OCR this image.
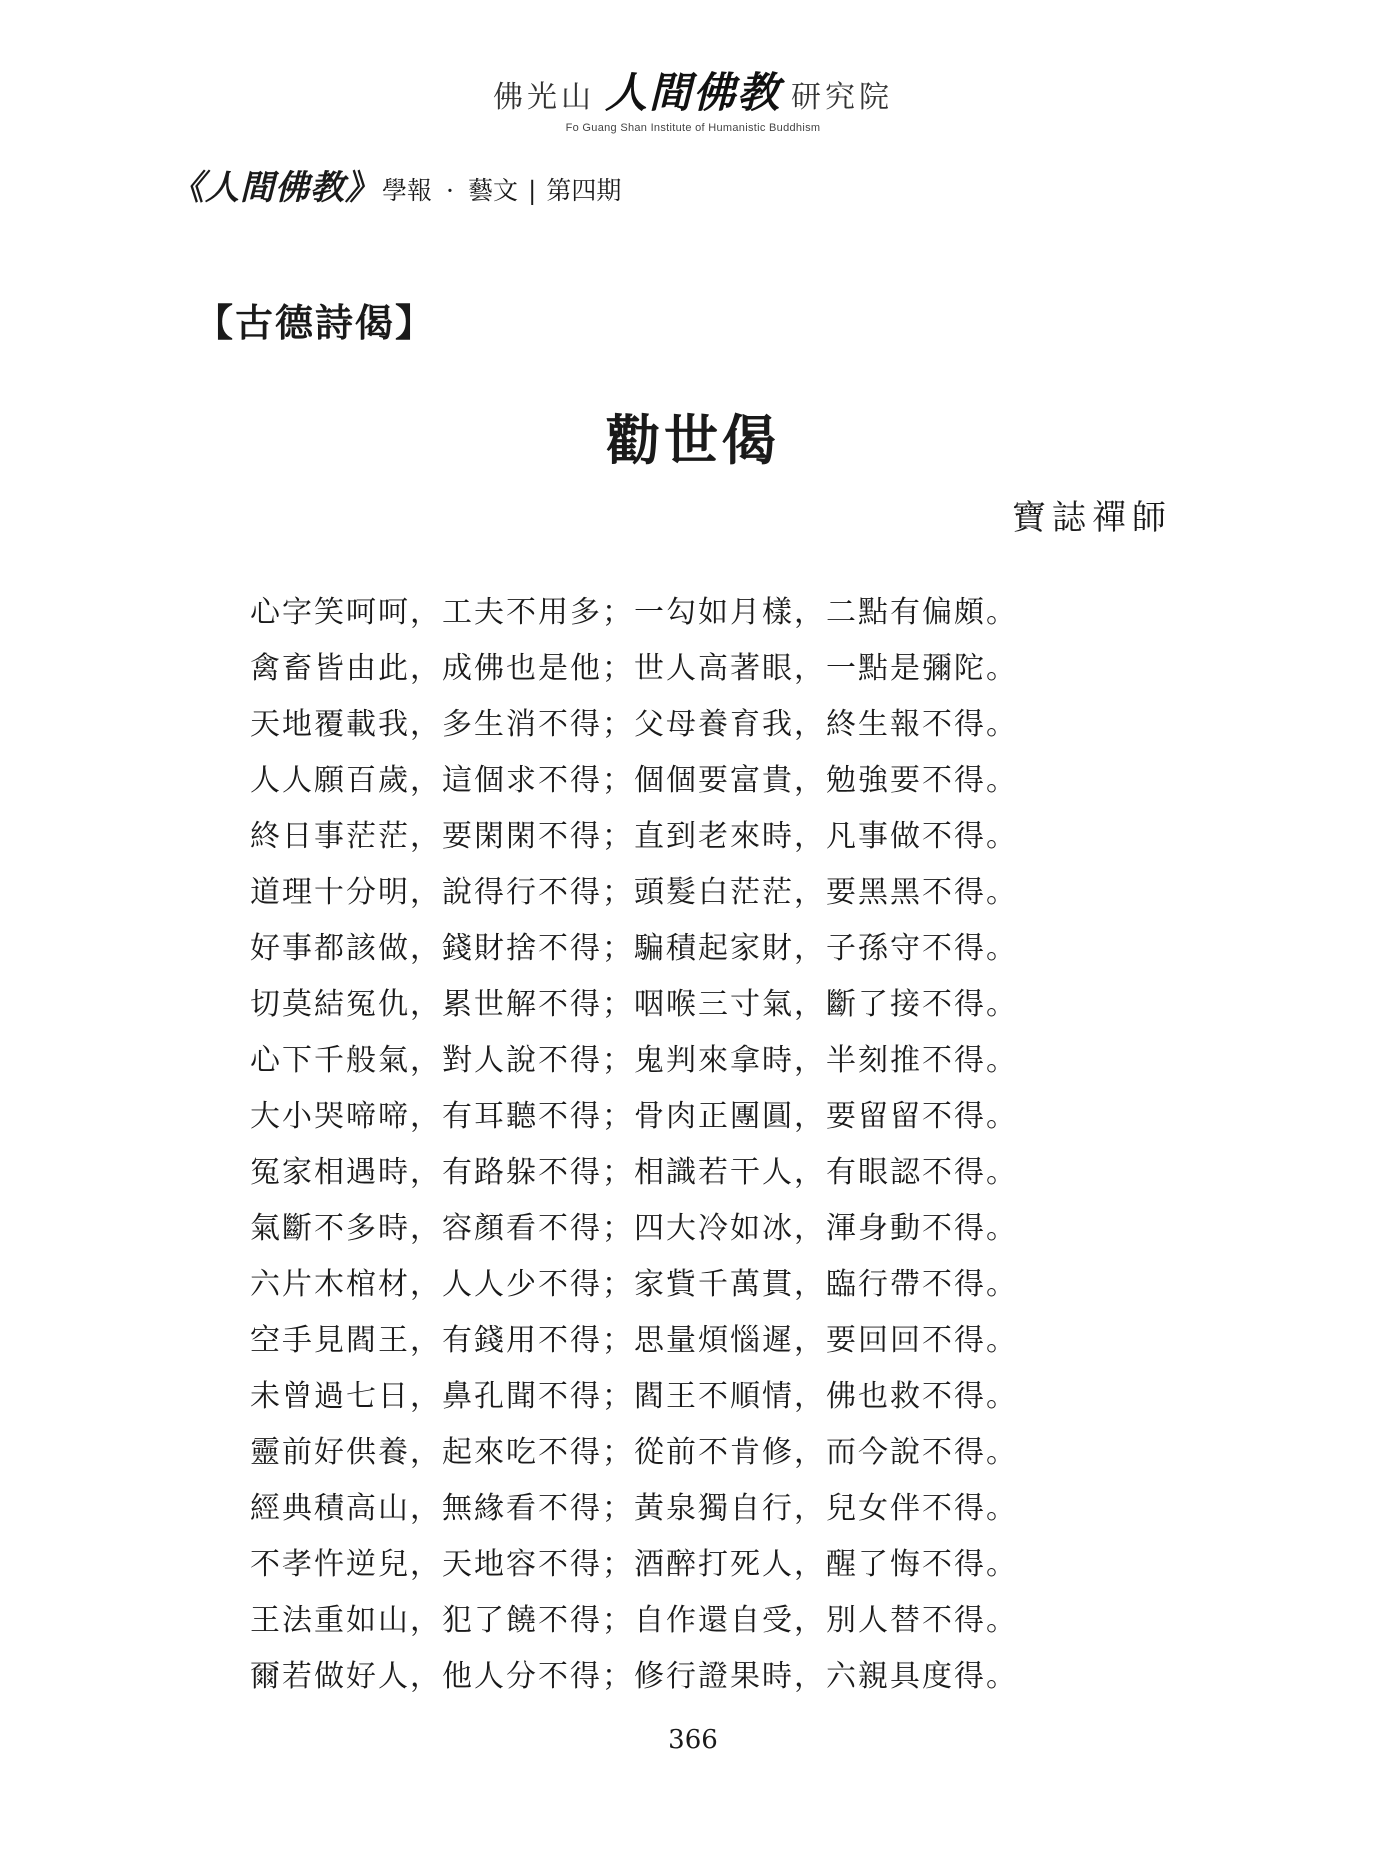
佛光山 人間佛教 研究院
Fo Guang Shan Institute of Humanistic Buddhism
《人間佛教》 學報 · 藝文 | 第四期
【古德詩偈】
勸世偈
寶誌禪師
心字笑呵呵，工夫不用多；一勾如月樣，二點有偏頗。
禽畜皆由此，成佛也是他；世人高著眼，一點是彌陀。
天地覆載我，多生消不得；父母養育我，終生報不得。
人人願百歲，這個求不得；個個要富貴，勉強要不得。
終日事茫茫，要閑閑不得；直到老來時，凡事做不得。
道理十分明，說得行不得；頭髮白茫茫，要黑黑不得。
好事都該做，錢財捨不得；騙積起家財，子孫守不得。
切莫結冤仇，累世解不得；咽喉三寸氣，斷了接不得。
心下千般氣，對人說不得；鬼判來拿時，半刻推不得。
大小哭啼啼，有耳聽不得；骨肉正團圓，要留留不得。
冤家相遇時，有路躲不得；相識若干人，有眼認不得。
氣斷不多時，容顏看不得；四大冷如冰，渾身動不得。
六片木棺材，人人少不得；家貲千萬貫，臨行帶不得。
空手見閻王，有錢用不得；思量煩惱遲，要回回不得。
未曾過七日，鼻孔聞不得；閻王不順情，佛也救不得。
靈前好供養，起來吃不得；從前不肯修，而今說不得。
經典積高山，無緣看不得；黃泉獨自行，兒女伴不得。
不孝忤逆兒，天地容不得；酒醉打死人，醒了悔不得。
王法重如山，犯了饒不得；自作還自受，別人替不得。
爾若做好人，他人分不得；修行證果時，六親具度得。
366
